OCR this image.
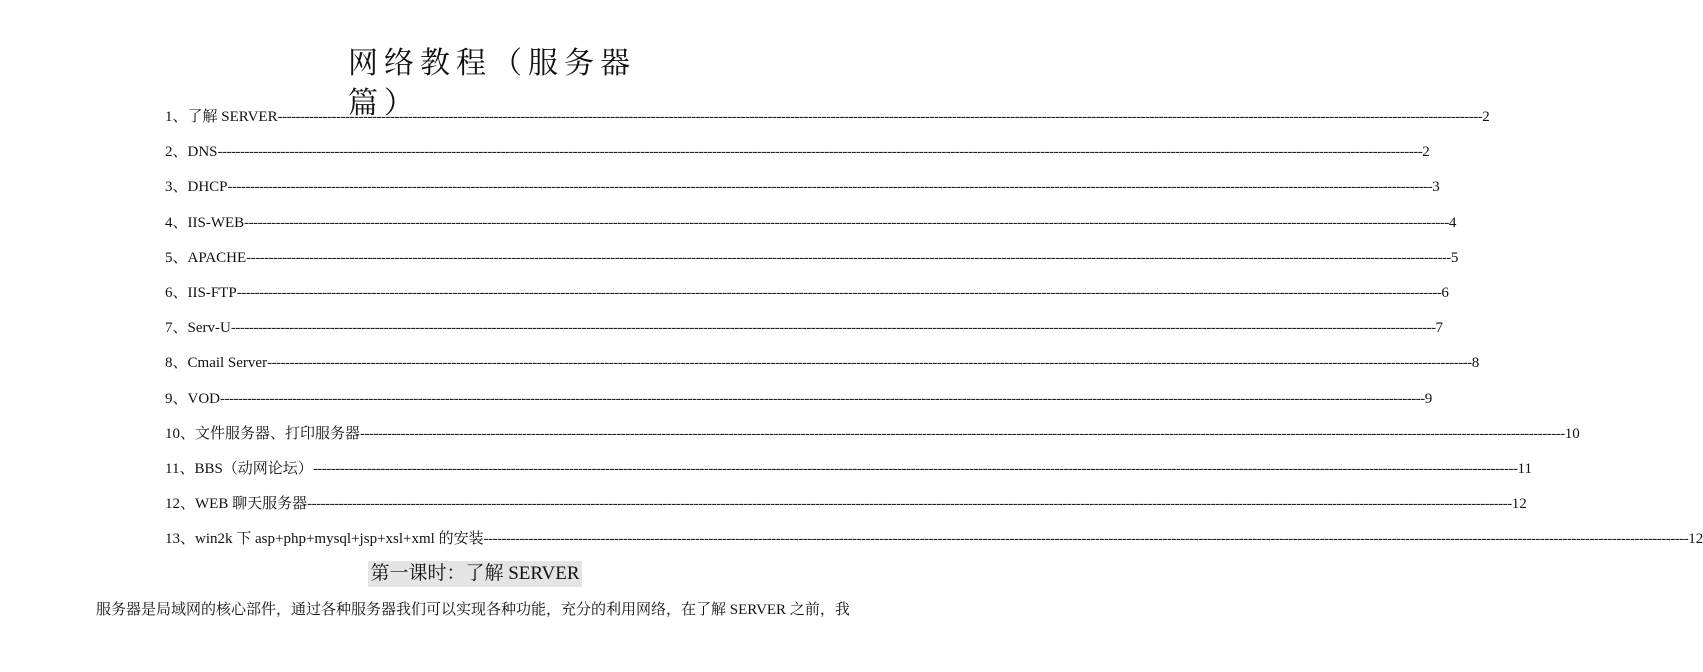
网络教程（服务器篇）
1、 了解 SERVER -----	2
2、 DNS -----	2
3、 DHCP -----	3
4、 IIS-WEB -----	4
5、 APACHE -----	5
6、 IIS-FTP -----	6
7、 Serv-U -----	7
8、 Cmail Server -----	8
9、 VOD -----	9
10、 文件服务器、打印服务器 -----	10
11、 BBS（动网论坛） -----	11
12、 WEB 聊天服务器 -----	12
13、 win2k 下 asp+php+mysql+jsp+xsl+xml 的安装 -----	12
第一课时：了解 SERVER
服务器是局域网的核心部件，通过各种服务器我们可以实现各种功能，充分的利用网络，在了解 SERVER 之前，我
